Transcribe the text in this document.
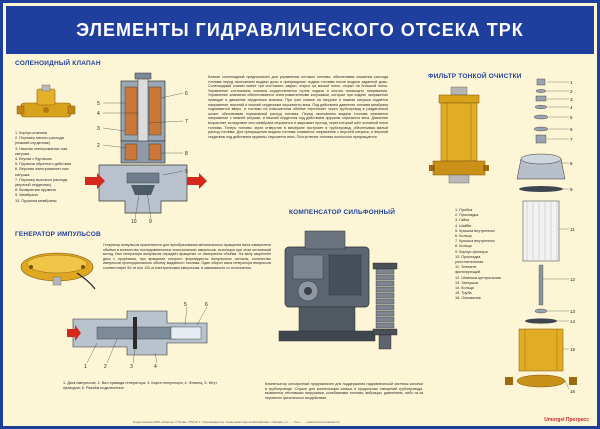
ЭЛЕМЕНТЫ ГИДРАВЛИЧЕСКОГО ОТСЕКА ТРК
СОЛЕНОИДНЫЙ КЛАПАН
1. Корпус клапана
2. Плунжер малого расхода (нижний сердечник)
3. Нижняя электромагнит-ная катушка
4. Втулка с буртиком
5. Пружина обратного действия
6. Верхняя электромагнит-ная катушка
7. Плунжер высокого расхода (верхний сердечник)
8. Возвратная пружина
9. Мембрана
10. Пружина мембраны
5
4
3
2
6
7
8
9
10 9
Клапан соленоидный предназначен для управления потоком топлива, обеспечивая снижение расхода топлива перед окончанием выдачи дозы и прекращение подачи топлива после выдачи заданной дозы. Соленоидный клапан имеет три состояния: закрыт, открыт на малый поток, открыт на большой поток. Управление состоянием клапана осуществляется путем подачи и снятия питающего напряжения. Управление клапаном обеспечивается электромагнитными катушками, которые при подаче напряжения приводят в движение сердечники клапана. При трех клапан на нагрузке и нижняя катушка подаётся напряжение, верхний и нижний сердечники опускаются вниз. Под действием давления топлива мембрана поднимается вверх, и топливо на повышенном объёме перетекает через трубопровод в раздаточный шланг, обеспечивая нормальный расход топлива. Перед окончанием выдачи топлива снимается напряжение с нижней катушки, и нижний сердечник под действием пружины опускается вниз. Давление возрастает, вследствие чего мембрана опускается и закрывает проход, через который шёл основной поток топлива. Теперь топливо через отверстие в мембране поступает в трубопровод, обеспечивая малый расход топлива. Для прекращения выдачи топлива снимается напряжение с верхней катушки, и верхний сердечник под действием пружины опускается вниз. Поступление топлива полностью прекращается.
ГЕНЕРАТОР ИМПУЛЬСОВ
Генератор импульсов применяется для преобразования механического вращения вала измерителя объёма в количество последовательных электрических импульсов, используя при этом оптический метод. Вал генератора импульсов передаёт вращение от измерителя объёма. На валу закреплён диск с прорезями, при вращении которого формируются импульсные сигналы, количество импульсов пропорционально объёму выданного топлива. Один оборот вала генератора импульсов соответствует 50-ти или 100-м электрическим импульсам, в зависимости от исполнения.
1	2	3	4
5	6
1. Диск импульсов; 2. Вал привода генератора; 3. Карта генератора; 4. Фланец; 5. Жгут проводов; 6. Разъём подключения
КОМПЕНСАТОР СИЛЬФОННЫЙ
Компенсатор сильфонный предназначен для поддержания гидравлической системы колонки в трубопроводе. Служит для компенсации осевых и продольных смещений трубопровода, вызванных тепловыми нагрузками, колебаниями топлива, вибрации, давлением, либо из-за неровного физического воздействия.
ФИЛЬТР ТОНКОЙ ОЧИСТКИ
1
2
3
4
5
6
7
8
9
11
12
13
14
15
16
1. Пробка
2. Прокладка
3. Гайка
4. Шайба
5. Крышка внутренняя
6. Кольцо
7. Крышка внутренняя
8. Кольцо
9. Корпус фильтра
10. Прокладка уплотнительная
11. Элемент фильтрующий
12. Шпилька центральная
13. Заглушка
14. Кольцо
15. Труба
16. Основание
Подготовлено НИИ «Эталон» © Пупки. ТРК № 1 • Производитель: Сальников Сергей Михайлович • Москва, ул. ... • Тел.: ... • www.fire-bezopasnost.ru	Umorgel Прогресс
